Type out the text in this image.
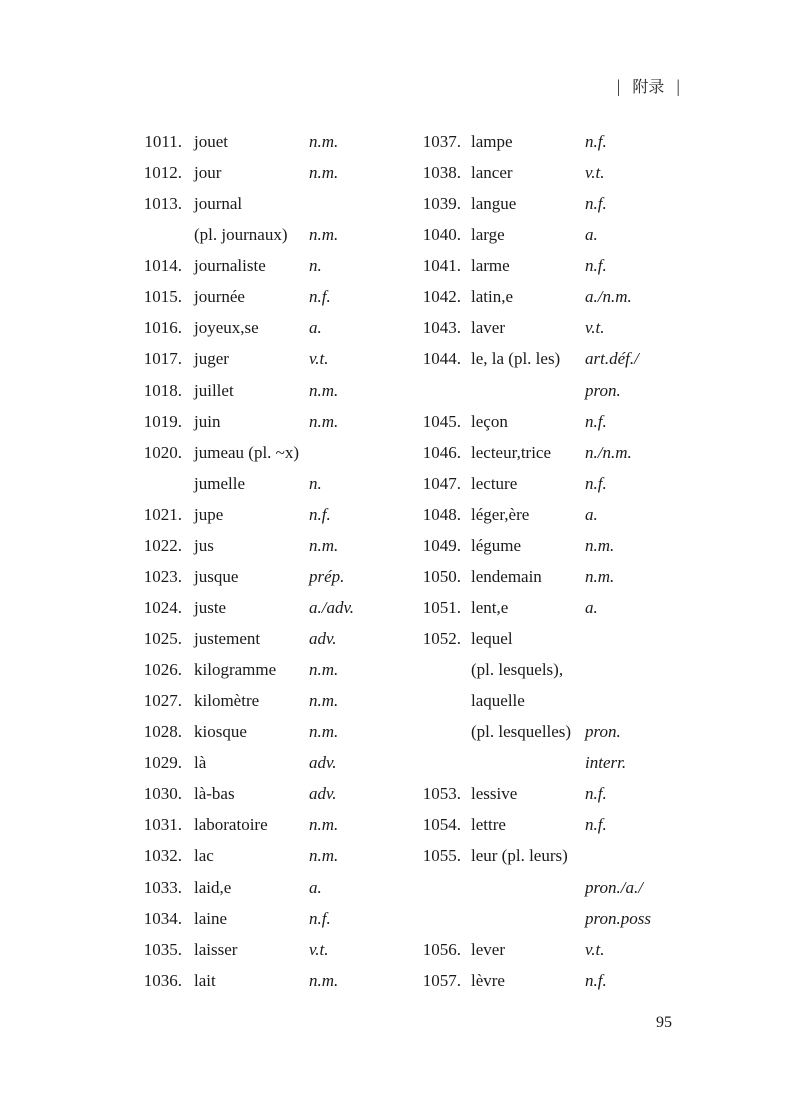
| 附录 |
1011. jouet	n.m.
1012. jour	n.m.
1013. journal
(pl. journaux) n.m.
1014. journaliste	n.
1015. journée	n.f.
1016. joyeux,se	a.
1017. juger	v.t.
1018. juillet	n.m.
1019. juin	n.m.
1020. jumeau (pl. ~x)
jumelle	n.
1021. jupe	n.f.
1022. jus	n.m.
1023. jusque	prép.
1024. juste	a./adv.
1025. justement	adv.
1026. kilogramme n.m.
1027. kilomètre	n.m.
1028. kiosque	n.m.
1029. là	adv.
1030. là-bas	adv.
1031. laboratoire n.m.
1032. lac	n.m.
1033. laid,e	a.
1034. laine	n.f.
1035. laisser	v.t.
1036. lait	n.m.
1037. lampe	n.f.
1038. lancer	v.t.
1039. langue	n.f.
1040. large	a.
1041. larme	n.f.
1042. latin,e	a./n.m.
1043. laver	v.t.
1044. le, la (pl. les) art.déf./
pron.
1045. leçon	n.f.
1046. lecteur,trice n./n.m.
1047. lecture	n.f.
1048. léger,ère	a.
1049. légume	n.m.
1050. lendemain	n.m.
1051. lent,e	a.
1052. lequel
(pl. lesquels),
laquelle
(pl. lesquelles) pron.
interr.
1053. lessive	n.f.
1054. lettre	n.f.
1055. leur (pl. leurs)
pron./a./
pron.poss
1056. lever	v.t.
1057. lèvre	n.f.
95
